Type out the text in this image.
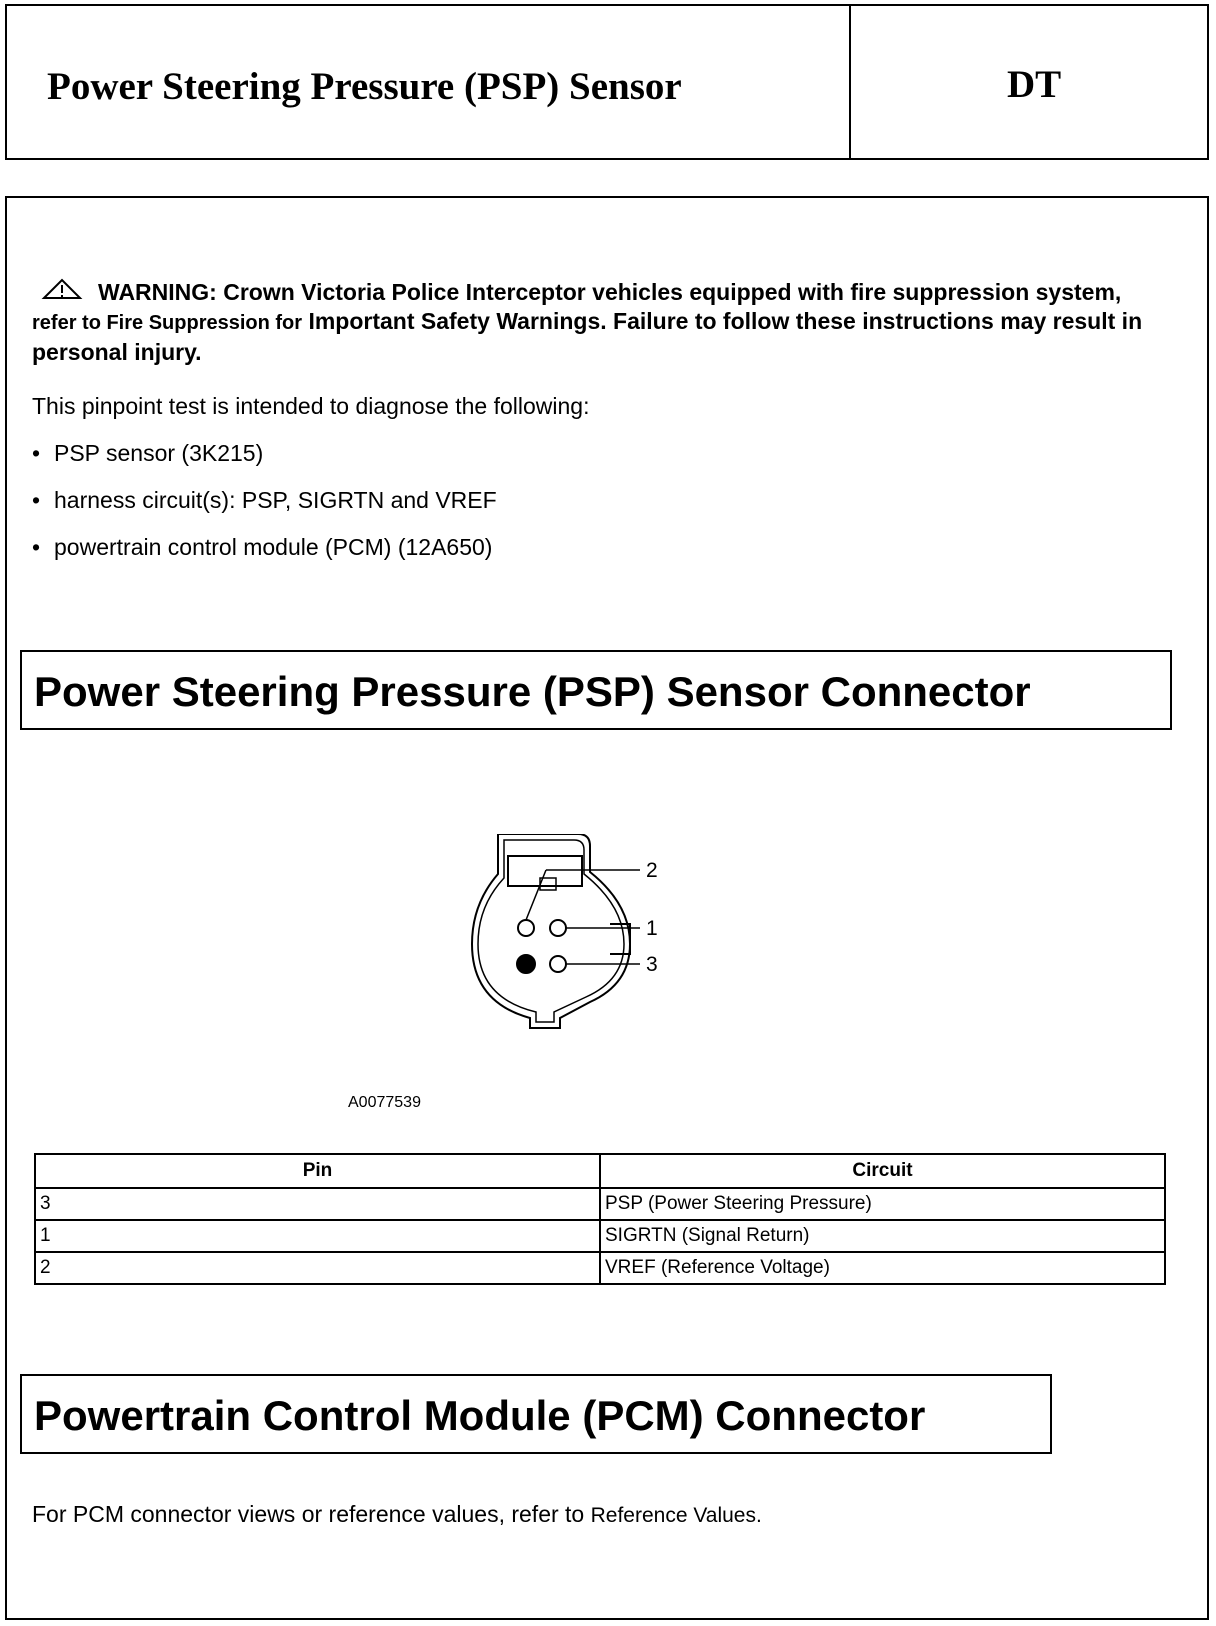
Power Steering Pressure (PSP) Sensor	DT
WARNING: Crown Victoria Police Interceptor vehicles equipped with fire suppression system, refer to Fire Suppression for Important Safety Warnings. Failure to follow these instructions may result in personal injury.
This pinpoint test is intended to diagnose the following:
• PSP sensor (3K215)
• harness circuit(s): PSP, SIGRTN and VREF
• powertrain control module (PCM) (12A650)
Power Steering Pressure (PSP) Sensor Connector
2
1
3
A0077539
Pin	Circuit
3	PSP (Power Steering Pressure)
1	SIGRTN (Signal Return)
2	VREF (Reference Voltage)
Powertrain Control Module (PCM) Connector
For PCM connector views or reference values, refer to Reference Values.
